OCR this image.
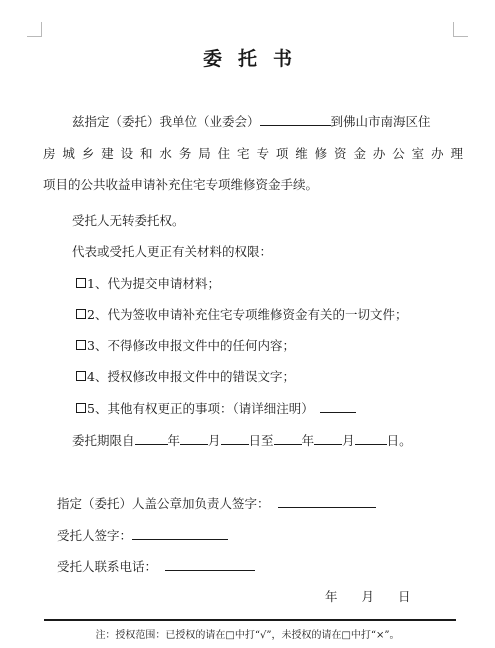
委托书
兹指定（委托）我单位（业委会）	到佛山市南海区住
房城乡建设和水务局住宅专项维修资金办公室办理
项目的公共收益申请补充住宅专项维修资金手续。
受托人无转委托权。
代表或受托人更正有关材料的权限：
1、代为提交申请材料；
2、代为签收申请补充住宅专项维修资金有关的一切文件；
3、不得修改申报文件中的任何内容；
4、授权修改申报文件中的错误文字；
5、其他有权更正的事项：（请详细注明）
委托期限自	年 月 日至 年 月	日。
指定（委托）人盖公章加负责人签字：
受托人签字：
受托人联系电话：
年 月 日
注：授权范围：已授权的请在□中打“√”，未授权的请在□中打“×”。
